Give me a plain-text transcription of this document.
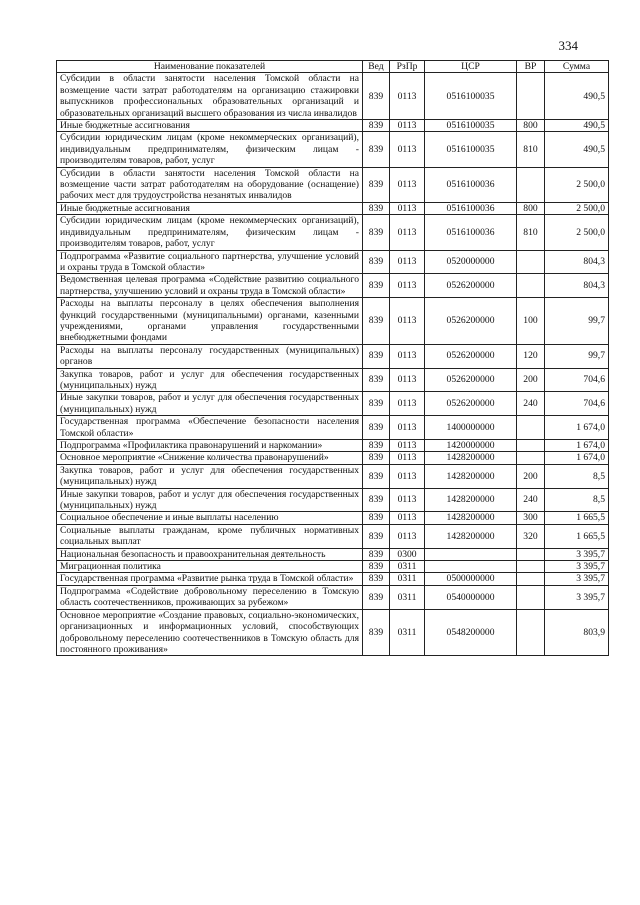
334
Наименование показателей	Вед	РзПр	ЦСР	ВР	Сумма
Субсидии в области занятости населения Томской области на возмещение части затрат работодателям на организацию стажировки выпускников профессиональных образовательных организаций и образовательных организаций высшего образования из числа инвалидов	839	0113	0516100035		490,5
Иные бюджетные ассигнования	839	0113	0516100035	800	490,5
Субсидии юридическим лицам (кроме некоммерческих организаций), индивидуальным предпринимателям, физическим лицам - производителям товаров, работ, услуг	839	0113	0516100035	810	490,5
Субсидии в области занятости населения Томской области на возмещение части затрат работодателям на оборудование (оснащение) рабочих мест для трудоустройства незанятых инвалидов	839	0113	0516100036		2 500,0
Иные бюджетные ассигнования	839	0113	0516100036	800	2 500,0
Субсидии юридическим лицам (кроме некоммерческих организаций), индивидуальным предпринимателям, физическим лицам - производителям товаров, работ, услуг	839	0113	0516100036	810	2 500,0
Подпрограмма «Развитие социального партнерства, улучшение условий и охраны труда в Томской области»	839	0113	0520000000		804,3
Ведомственная целевая программа «Содействие развитию социального партнерства, улучшению условий и охраны труда в Томской области»	839	0113	0526200000		804,3
Расходы на выплаты персоналу в целях обеспечения выполнения функций государственными (муниципальными) органами, казенными учреждениями, органами управления государственными внебюджетными фондами	839	0113	0526200000	100	99,7
Расходы на выплаты персоналу государственных (муниципальных) органов	839	0113	0526200000	120	99,7
Закупка товаров, работ и услуг для обеспечения государственных (муниципальных) нужд	839	0113	0526200000	200	704,6
Иные закупки товаров, работ и услуг для обеспечения государственных (муниципальных) нужд	839	0113	0526200000	240	704,6
Государственная программа «Обеспечение безопасности населения Томской области»	839	0113	1400000000		1 674,0
Подпрограмма «Профилактика правонарушений и наркомании»	839	0113	1420000000		1 674,0
Основное мероприятие «Снижение количества правонарушений»	839	0113	1428200000		1 674,0
Закупка товаров, работ и услуг для обеспечения государственных (муниципальных) нужд	839	0113	1428200000	200	8,5
Иные закупки товаров, работ и услуг для обеспечения государственных (муниципальных) нужд	839	0113	1428200000	240	8,5
Социальное обеспечение и иные выплаты населению	839	0113	1428200000	300	1 665,5
Социальные выплаты гражданам, кроме публичных нормативных социальных выплат	839	0113	1428200000	320	1 665,5
Национальная безопасность и правоохранительная деятельность	839	0300			3 395,7
Миграционная политика	839	0311			3 395,7
Государственная программа «Развитие рынка труда в Томской области»	839	0311	0500000000		3 395,7
Подпрограмма «Содействие добровольному переселению в Томскую область соотечественников, проживающих за рубежом»	839	0311	0540000000		3 395,7
Основное мероприятие «Создание правовых, социально-экономических, организационных и информационных условий, способствующих добровольному переселению соотечественников в Томскую область для постоянного проживания»	839	0311	0548200000		803,9
